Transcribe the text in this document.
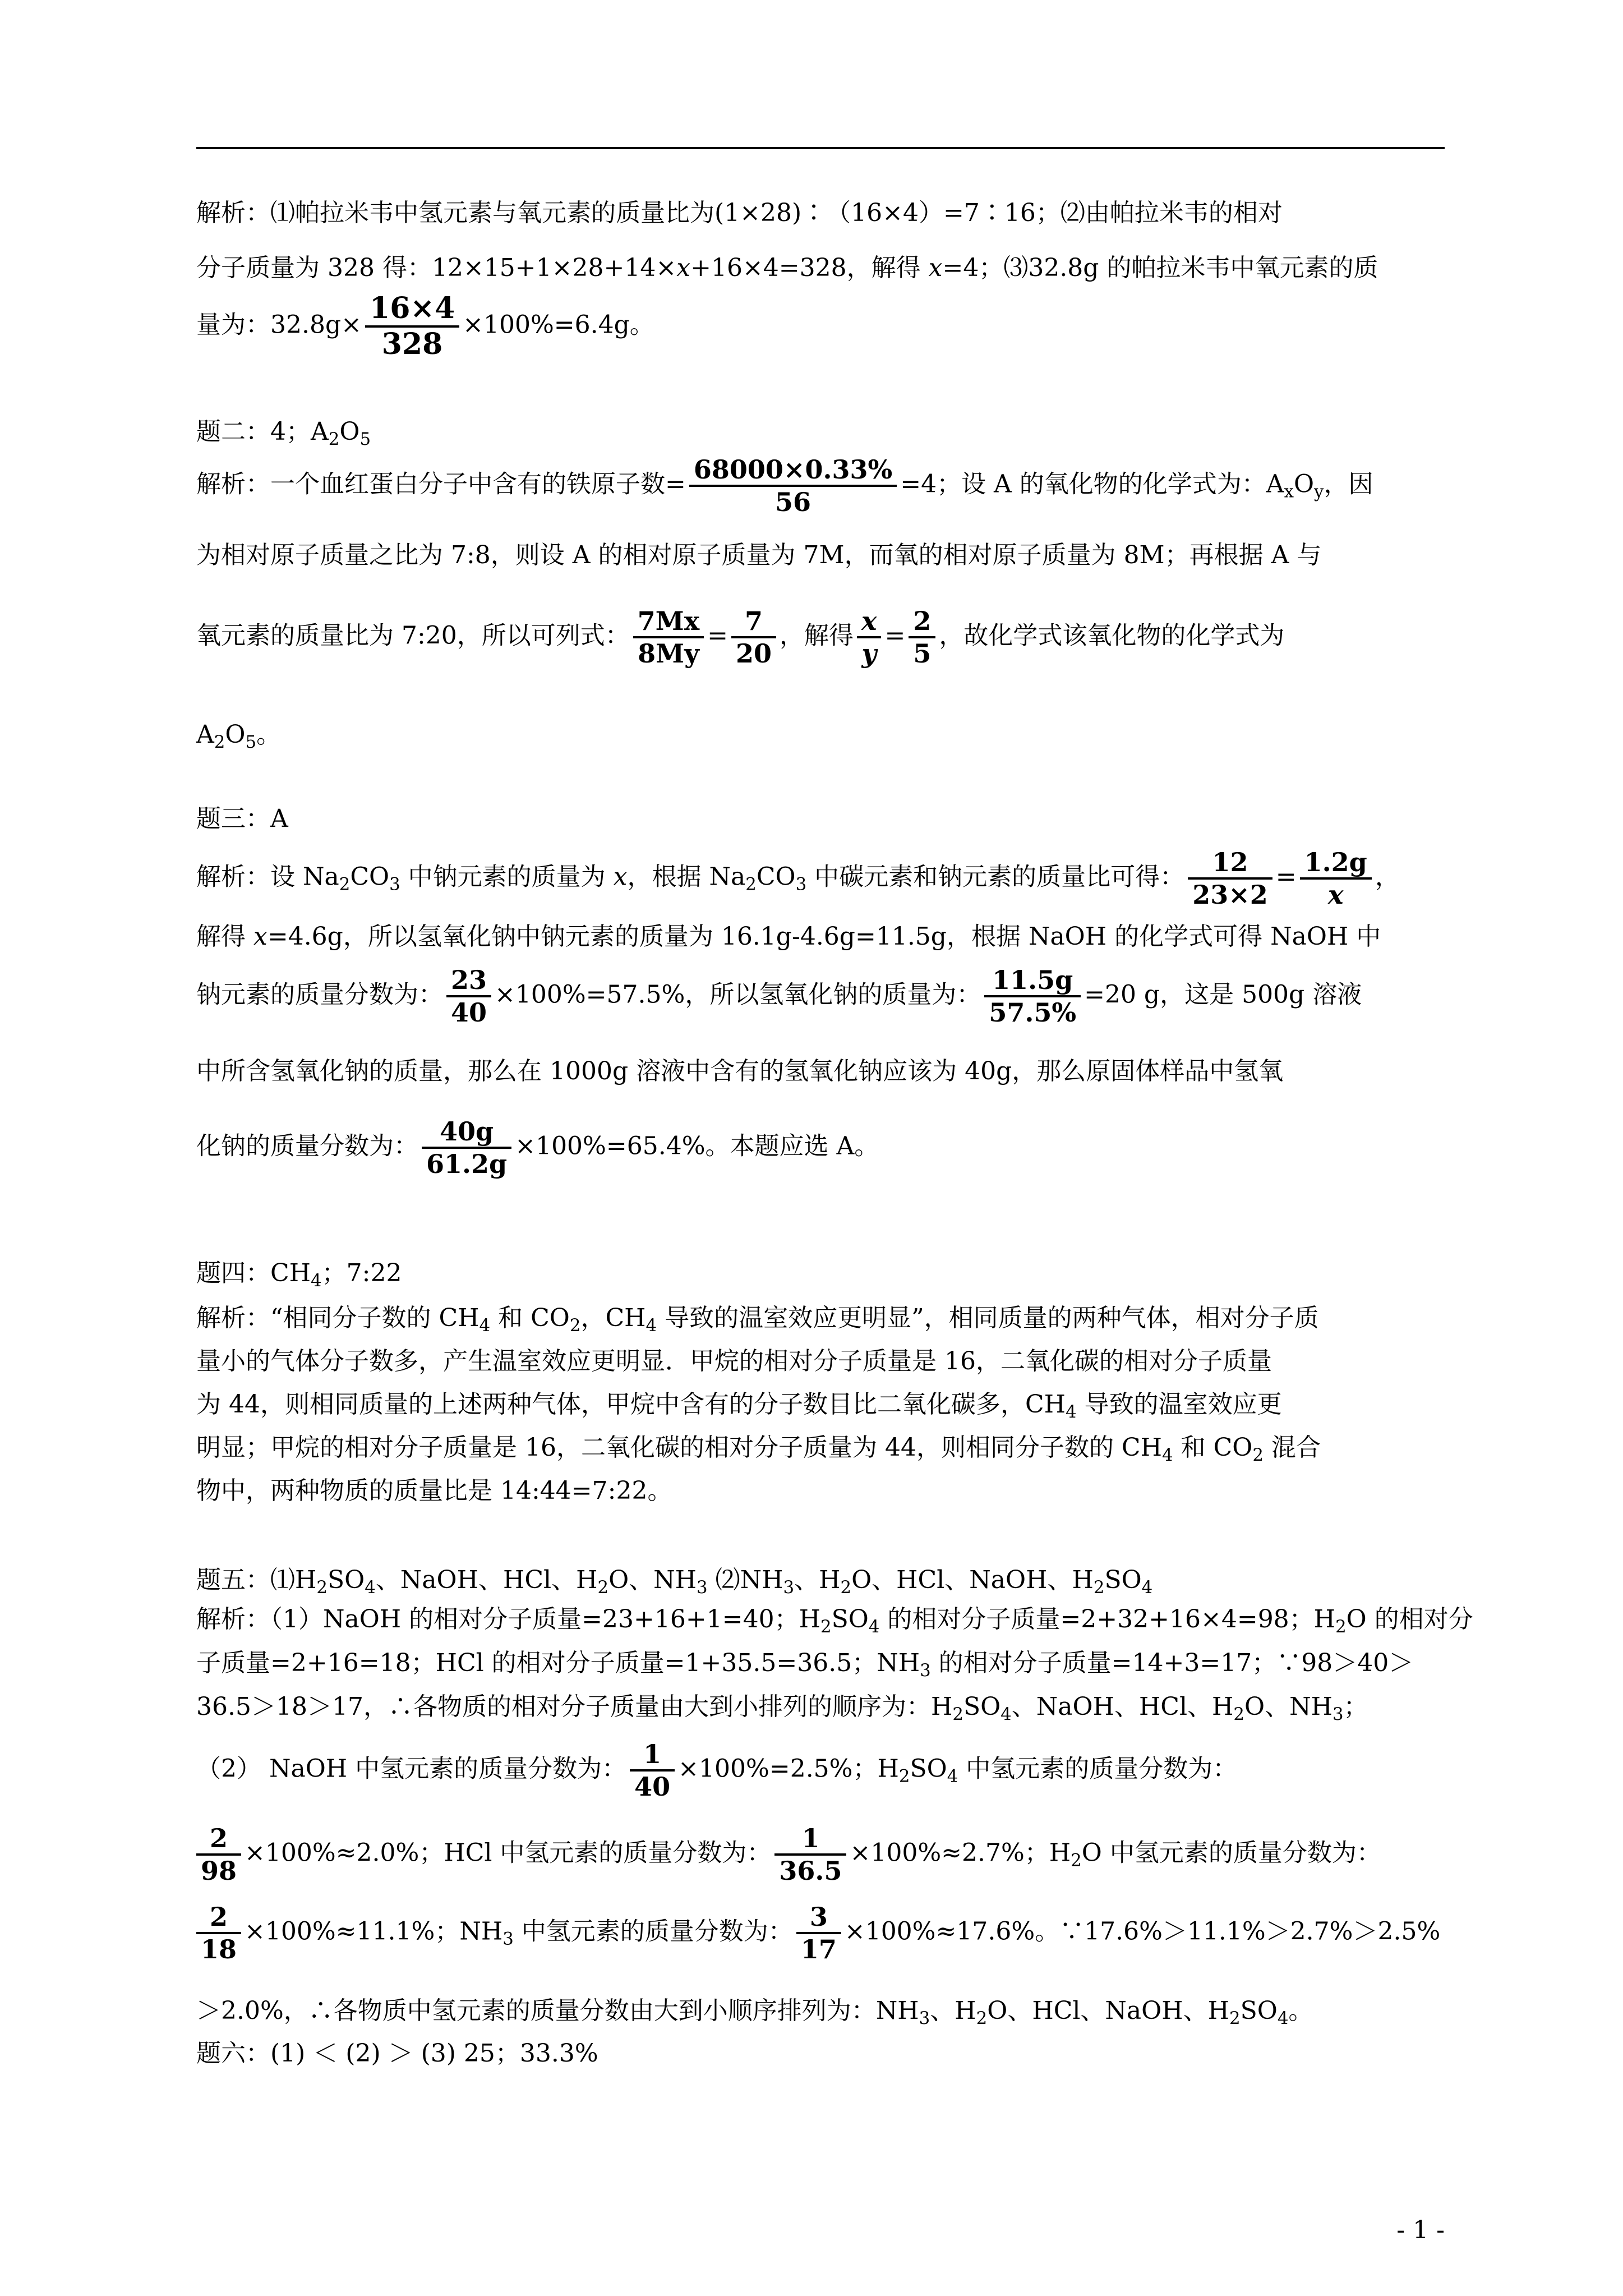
解析：⑴帕拉米韦中氢元素与氧元素的质量比为(1×28)∶（16×4）=7∶16；⑵由帕拉米韦的相对
分子质量为 328 得：12×15+1×28+14×x+16×4=328，解得 x=4；⑶32.8g 的帕拉米韦中氧元素的质
量为：$32.8g\times \frac{16\times 4}{328} \times 100\%=6.4g$。
题二：4；$A_2O_5$
解析：一个血红蛋白分子中含有的铁原子数= $\frac{68000\times 0.33\%}{56} =4$；设 A 的氧化物的化学式为：$A_xO_y$，因
为相对原子质量之比为 7:8，则设 A 的相对原子质量为 7M，而氧的相对原子质量为 8M；再根据 A 与
氧元素的质量比为 7:20，所以可列式： $\frac{7Mx}{8My} = \frac{7}{20}$ ，解得 $\frac{x}{y} = \frac{2}{5}$ ，故化学式该氧化物的化学式为
$A_2O_5$。
题三：A
解析：设 $Na_2CO_3$ 中钠元素的质量为 x，根据 $Na_2CO_3$ 中碳元素和钠元素的质量比可得： $\frac{12}{23\times 2} = \frac{1.2g}{x}$ ，
解得 x=4.6g，所以氢氧化钠中钠元素的质量为 16.1g-4.6g=11.5g，根据 NaOH 的化学式可得 NaOH 中
钠元素的质量分数为： $\frac{23}{40} \times 100\%=57.5\%$，所以氢氧化钠的质量为： $\frac{11.5g}{57.5\%} =20$ g，这是 500g 溶液
中所含氢氧化钠的质量，那么在 1000g 溶液中含有的氢氧化钠应该为 40g，那么原固体样品中氢氧
化钠的质量分数为： $\frac{40g}{61.2g} \times 100\%=65.4\%$。本题应选 A。
题四：$CH_4$；7:22
解析：“相同分子数的 $CH_4$ 和 $CO_2$，$CH_4$ 导致的温室效应更明显”，相同质量的两种气体，相对分子质
量小的气体分子数多，产生温室效应更明显．甲烷的相对分子质量是 16，二氧化碳的相对分子质量
为 44，则相同质量的上述两种气体，甲烷中含有的分子数目比二氧化碳多，$CH_4$ 导致的温室效应更
明显；甲烷的相对分子质量是 16，二氧化碳的相对分子质量为 44，则相同分子数的 $CH_4$ 和 $CO_2$ 混合
物中，两种物质的质量比是 14:44=7:22。
题五：$⑴H_2SO_4$、NaOH、HCl、$H_2O$、$NH_3$ $⑵NH_3$、$H_2O$、HCl、NaOH、$H_2SO_4$
解析：（1）NaOH 的相对分子质量=23+16+1=40；$H_2SO_4$ 的相对分子质量=2+32+16×4=98；$H_2O$ 的相对分
子质量=2+16=18；HCl 的相对分子质量=1+35.5=36.5；$NH_3$ 的相对分子质量=14+3=17；∵98＞40＞
36.5＞18＞17，∴各物质的相对分子质量由大到小排列的顺序为：$H_2SO_4$、NaOH、HCl、$H_2O$、$NH_3$；
（2） NaOH 中氢元素的质量分数为： $\frac{1}{40} \times 100\%=2.5\%$；$H_2SO_4$ 中氢元素的质量分数为：
$\frac{2}{98} \times 100\%\approx 2.0\%$；HCl 中氢元素的质量分数为： $\frac{1}{36.5} \times 100\%\approx 2.7\%$；$H_2O$ 中氢元素的质量分数为：
$\frac{2}{18} \times 100\%\approx 11.1\%$；$NH_3$ 中氢元素的质量分数为： $\frac{3}{17} \times 100\%\approx 17.6\%$。∵17.6%＞11.1%＞2.7%＞2.5%
＞2.0%，∴各物质中氢元素的质量分数由大到小顺序排列为：$NH_3$、$H_2O$、HCl、NaOH、$H_2SO_4$。
题六：(1) ＜ (2) ＞ (3) 25；33.3%
- 1 -
